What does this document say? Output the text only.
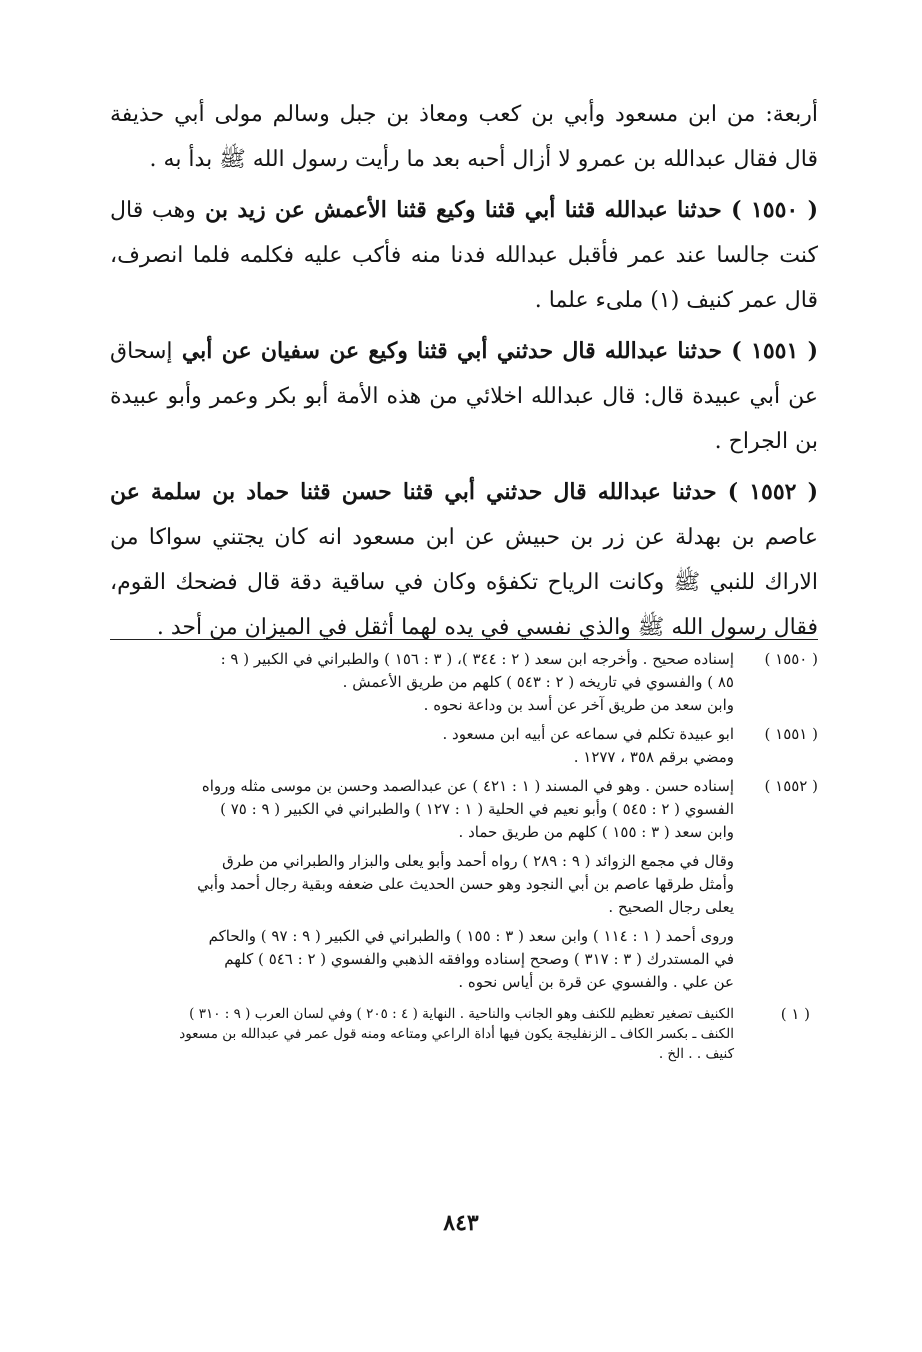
أربعة: من ابن مسعود وأبي بن كعب ومعاذ بن جبل وسالم مولى أبي حذيفة قال فقال عبدالله بن عمرو لا أزال أحبه بعد ما رأيت رسول الله ﷺ بدأ به .

( ١٥٥٠ ) حدثنا عبدالله قثنا أبي قثنا وكيع قثنا الأعمش عن زيد بن وهب قال كنت جالسا عند عمر فأقبل عبدالله فدنا منه فأكب عليه فكلمه فلما انصرف، قال عمر كنيف (١) ملىء علما .

( ١٥٥١ ) حدثنا عبدالله قال حدثني أبي قثنا وكيع عن سفيان عن أبي إسحاق عن أبي عبيدة قال: قال عبدالله اخلائي من هذه الأمة أبو بكر وعمر وأبو عبيدة بن الجراح .

( ١٥٥٢ ) حدثنا عبدالله قال حدثني أبي قثنا حسن قثنا حماد بن سلمة عن عاصم بن بهدلة عن زر بن حبيش عن ابن مسعود انه كان يجتني سواكا من الاراك للنبي ﷺ وكانت الرياح تكفؤه وكان في ساقية دقة قال فضحك القوم، فقال رسول الله ﷺ والذي نفسي في يده لهما أثقل في الميزان من أحد .

( ١٥٥٠ )
إسناده صحيح . وأخرجه ابن سعد ( ٢ : ٣٤٤ )، ( ٣ : ١٥٦ ) والطبراني في الكبير ( ٩ :
٨٥ ) والفسوي في تاريخه ( ٢ : ٥٤٣ ) كلهم من طريق الأعمش .
وابن سعد من طريق آخر عن أسد بن وداعة نحوه .
( ١٥٥١ )
ابو عبيدة تكلم في سماعه عن أبيه ابن مسعود .
ومضي برقم ٣٥٨ ، ١٢٧٧ .
( ١٥٥٢ )
إسناده حسن . وهو في المسند ( ١ : ٤٢١ ) عن عبدالصمد وحسن بن موسى مثله ورواه
الفسوي ( ٢ : ٥٤٥ ) وأبو نعيم في الحلية ( ١ : ١٢٧ ) والطبراني في الكبير ( ٩ : ٧٥ )
وابن سعد ( ٣ : ١٥٥ ) كلهم من طريق حماد .
وقال في مجمع الزوائد ( ٩ : ٢٨٩ ) رواه أحمد وأبو يعلى والبزار والطبراني من طرق
وأمثل طرقها عاصم بن أبي النجود وهو حسن الحديث على ضعفه وبقية رجال أحمد وأبي
يعلى رجال الصحيح .
وروى أحمد ( ١ : ١١٤ ) وابن سعد ( ٣ : ١٥٥ ) والطبراني في الكبير ( ٩ : ٩٧ ) والحاكم
في المستدرك ( ٣ : ٣١٧ ) وصحح إسناده ووافقه الذهبي والفسوي ( ٢ : ٥٤٦ ) كلهم
عن علي . والفسوي عن قرة بن أياس نحوه .
( ١ )
الكنيف تصغير تعظيم للكنف وهو الجانب والناحية . النهاية ( ٤ : ٢٠٥ ) وفي لسان العرب ( ٩ : ٣١٠ )
الكنف ـ بكسر الكاف ـ الزنفليجة يكون فيها أداة الراعي ومتاعه ومنه قول عمر في عبدالله بن مسعود
كنيف . . الخ .
٨٤٣
